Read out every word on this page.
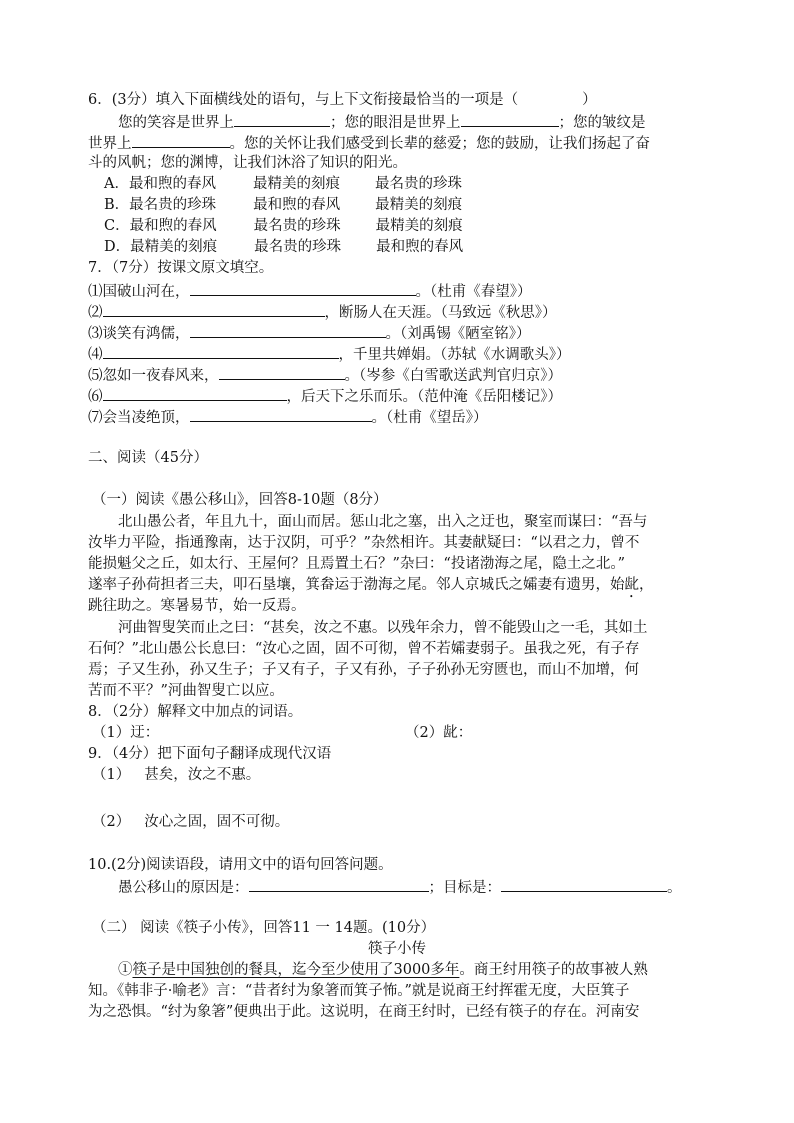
6．(3分）填入下面横线处的语句，与上下文衔接最恰当的一项是（	）
您的笑容是世界上	；您的眼泪是世界上	；您的皱纹是
世界上	。您的关怀让我们感受到长辈的慈爱；您的鼓励，让我们扬起了奋
斗的风帆；您的渊博，让我们沐浴了知识的阳光。
A．最和煦的春风	最精美的刻痕 最名贵的珍珠
B．最名贵的珍珠	最和煦的春风 最精美的刻痕
C．最和煦的春风	最名贵的珍珠 最精美的刻痕
D．最精美的刻痕	最名贵的珍珠 最和煦的春风
7．（7分）按课文原文填空。
⑴国破山河在，	。（杜甫《春望》）
⑵	，断肠人在天涯。（马致远《秋思》）
⑶谈笑有鸿儒，	。（刘禹锡《陋室铭》）
⑷	，千里共婵娟。（苏轼《水调歌头》）
⑸忽如一夜春风来，	。（岑参《白雪歌送武判官归京》）
⑹	，后天下之乐而乐。（范仲淹《岳阳楼记》）
⑺会当凌绝顶，	。（杜甫《望岳》）
二、阅读（45分）
（一）阅读《愚公移山》，回答8-10题（8分）
北山愚公者，年且九十，面山而居。惩山北之塞，出入之迂也，聚室而谋曰：“吾与
汝毕力平险，指通豫南，达于汉阴，可乎？”杂然相许。其妻献疑曰：“以君之力，曾不
能损魁父之丘，如太行、王屋何？且焉置土石？”杂曰：“投诸渤海之尾，隐土之北。”
遂率子孙荷担者三夫，叩石垦壤，箕畚运于渤海之尾。邻人京城氏之孀妻有遗男，始龀，
跳往助之。寒暑易节，始一反焉。
河曲智叟笑而止之曰：“甚矣，汝之不惠。以残年余力，曾不能毁山之一毛，其如土
石何？”北山愚公长息曰：“汝心之固，固不可彻，曾不若孀妻弱子。虽我之死，有子存
焉；子又生孙，孙又生子；子又有子，子又有孙，子子孙孙无穷匮也，而山不加增，何
苦而不平？”河曲智叟亡以应。
8．（2分）解释文中加点的词语。
（1）迂：	（2）龀：
9．（4分）把下面句子翻译成现代汉语
（1） 甚矣，汝之不惠。
（2） 汝心之固，固不可彻。
10.(2分)阅读语段，请用文中的语句回答问题。
愚公移山的原因是：	；目标是：	。
（二） 阅读《筷子小传》，回答11 一 14题。(10分）
筷子小传
①筷子是中国独创的餐具，迄今至少使用了3000多年。商王纣用筷子的故事被人熟
知。《韩非子·喻老》言：“昔者纣为象箸而箕子怖。”就是说商王纣挥霍无度，大臣箕子
为之恐惧。“纣为象箸”便典出于此。这说明，在商王纣时，已经有筷子的存在。河南安
